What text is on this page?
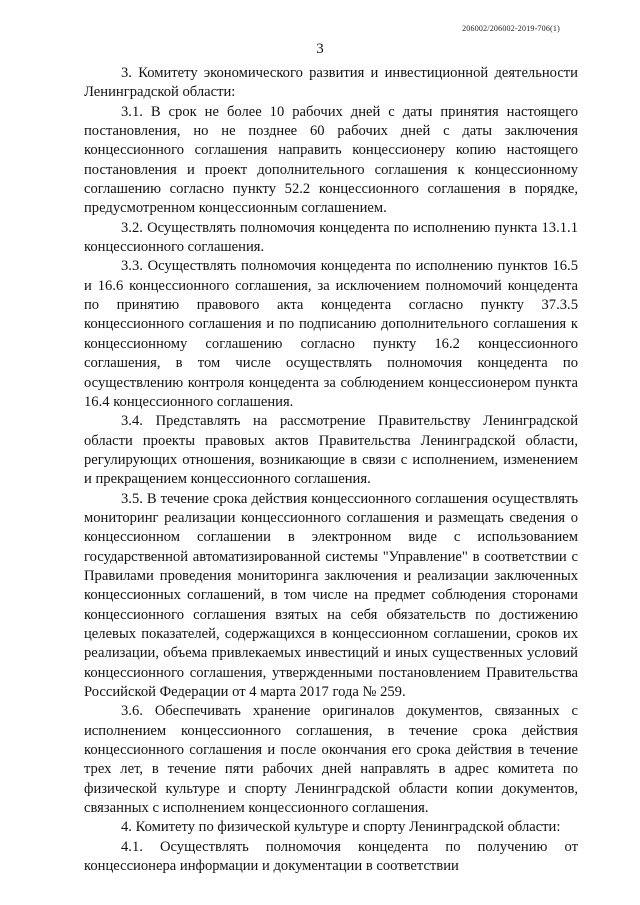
206002/206002-2019-706(1)
3

3. Комитету экономического развития и инвестиционной деятельности Ленинградской области:

3.1. В срок не более 10 рабочих дней с даты принятия настоящего постановления, но не позднее 60 рабочих дней с даты заключения концессионного соглашения направить концессионеру копию настоящего постановления и проект дополнительного соглашения к концессионному соглашению согласно пункту 52.2 концессионного соглашения в порядке, предусмотренном концессионным соглашением.

3.2. Осуществлять полномочия концедента по исполнению пункта 13.1.1 концессионного соглашения.

3.3. Осуществлять полномочия концедента по исполнению пунктов 16.5 и 16.6 концессионного соглашения, за исключением полномочий концедента по принятию правового акта концедента согласно пункту 37.3.5 концессионного соглашения и по подписанию дополнительного соглашения к концессионному соглашению согласно пункту 16.2 концессионного соглашения, в том числе осуществлять полномочия концедента по осуществлению контроля концедента за соблюдением концессионером пункта 16.4 концессионного соглашения.

3.4. Представлять на рассмотрение Правительству Ленинградской области проекты правовых актов Правительства Ленинградской области, регулирующих отношения, возникающие в связи с исполнением, изменением и прекращением концессионного соглашения.

3.5. В течение срока действия концессионного соглашения осуществлять мониторинг реализации концессионного соглашения и размещать сведения о концессионном соглашении в электронном виде с использованием государственной автоматизированной системы "Управление" в соответствии с Правилами проведения мониторинга заключения и реализации заключенных концессионных соглашений, в том числе на предмет соблюдения сторонами концессионного соглашения взятых на себя обязательств по достижению целевых показателей, содержащихся в концессионном соглашении, сроков их реализации, объема привлекаемых инвестиций и иных существенных условий концессионного соглашения, утвержденными постановлением Правительства Российской Федерации от 4 марта 2017 года № 259.

3.6. Обеспечивать хранение оригиналов документов, связанных с исполнением концессионного соглашения, в течение срока действия концессионного соглашения и после окончания его срока действия в течение трех лет, в течение пяти рабочих дней направлять в адрес комитета по физической культуре и спорту Ленинградской области копии документов, связанных с исполнением концессионного соглашения.

4. Комитету по физической культуре и спорту Ленинградской области:

4.1. Осуществлять полномочия концедента по получению от концессионера информации и документации в соответствии
